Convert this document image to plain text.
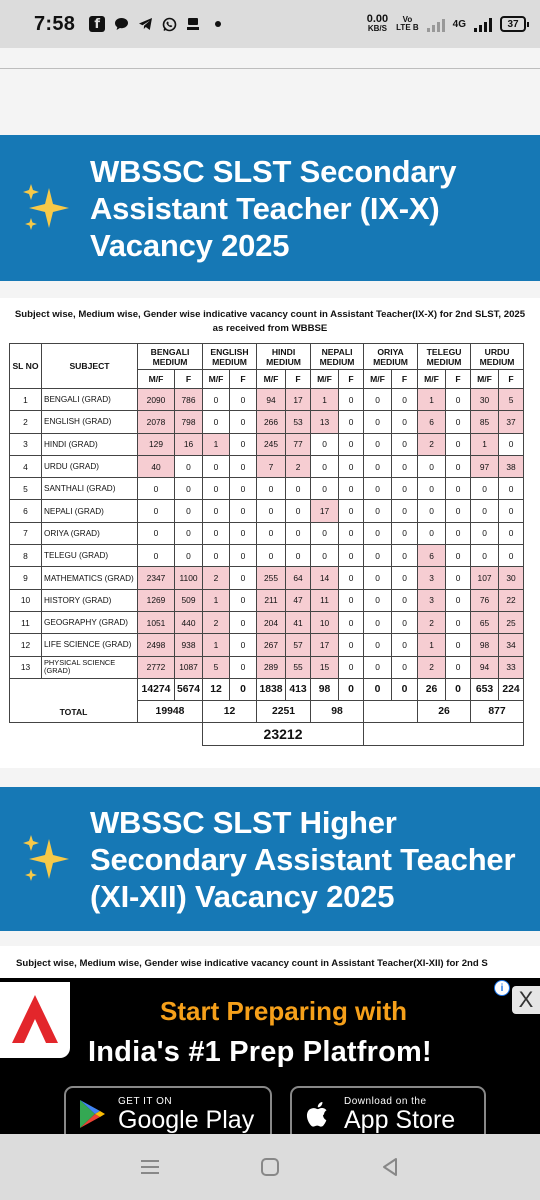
7:58	f	0.00
KB/S
Vo
LTE B	4G	37
WBSSC SLST Secondary Assistant Teacher (IX-X) Vacancy 2025
Subject wise, Medium wise, Gender wise indicative vacancy count in Assistant Teacher(IX-X) for 2nd SLST, 2025
as received from WBBSE
SL NO	SUBJECT	BENGALI MEDIUM		ENGLISH MEDIUM		HINDI MEDIUM		NEPALI MEDIUM		ORIYA MEDIUM		TELEGU MEDIUM		URDU MEDIUM	
		M/F	F	M/F	F	M/F	F	M/F	F	M/F	F	M/F	F	M/F	F
1	BENGALI (GRAD)	2090	786	0	0	94	17	1	0	0	0	1	0	30	5
2	ENGLISH (GRAD)	2078	798	0	0	266	53	13	0	0	0	6	0	85	37
3	HINDI (GRAD)	129	16	1	0	245	77	0	0	0	0	2	0	1	0
4	URDU (GRAD)	40	0	0	0	7	2	0	0	0	0	0	0	97	38
5	SANTHALI (GRAD)	0	0	0	0	0	0	0	0	0	0	0	0	0	0
6	NEPALI (GRAD)	0	0	0	0	0	0	17	0	0	0	0	0	0	0
7	ORIYA (GRAD)	0	0	0	0	0	0	0	0	0	0	0	0	0	0
8	TELEGU (GRAD)	0	0	0	0	0	0	0	0	0	0	6	0	0	0
9	MATHEMATICS (GRAD)	2347	1100	2	0	255	64	14	0	0	0	3	0	107	30
10	HISTORY (GRAD)	1269	509	1	0	211	47	11	0	0	0	3	0	76	22
11	GEOGRAPHY (GRAD)	1051	440	2	0	204	41	10	0	0	0	2	0	65	25
12	LIFE SCIENCE (GRAD)	2498	938	1	0	267	57	17	0	0	0	1	0	98	34
13	PHYSICAL SCIENCE (GRAD)	2772	1087	5	0	289	55	15	0	0	0	2	0	94	33
TOTAL		14274	5674	12	0	1838	413	98	0	0	0	26	0	653	224
		19948		12		2251		98				26		877	
				23212											
WBSSC SLST Higher Secondary Assistant Teacher (XI-XII) Vacancy 2025
Subject wise, Medium wise, Gender wise indicative vacancy count in Assistant Teacher(XI-XII) for 2nd S
i X
Start Preparing with
India's #1 Prep Platfrom!
GET IT ON
Google Play
Download on the
App Store
